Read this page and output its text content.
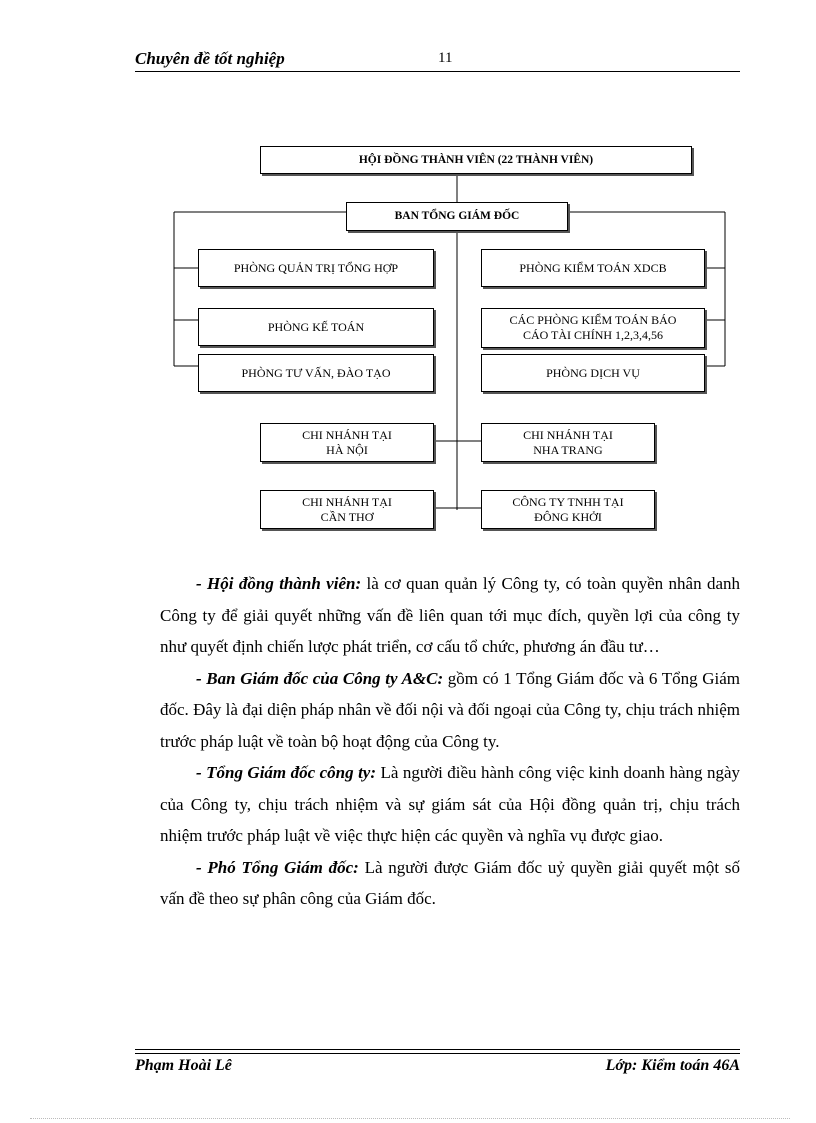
Chuyên đề tốt nghiệp	11
HỘI ĐỒNG THÀNH VIÊN (22 THÀNH VIÊN)
BAN TỔNG GIÁM ĐỐC
PHÒNG QUẢN TRỊ TỔNG HỢP
PHÒNG KẾ TOÁN
PHÒNG TƯ VẤN, ĐÀO TẠO
PHÒNG KIỂM TOÁN XDCB
CÁC PHÒNG KIỂM TOÁN BÁO
CÁO TÀI CHÍNH 1,2,3,4,56
PHÒNG DỊCH VỤ
CHI NHÁNH TẠI
HÀ NỘI
CHI NHÁNH TẠI
NHA TRANG
CHI NHÁNH TẠI
CẦN THƠ
CÔNG TY TNHH TẠI
ĐÔNG KHỞI

- Hội đồng thành viên: là cơ quan quản lý Công ty, có toàn quyền nhân danh Công ty để giải quyết những vấn đề liên quan tới mục đích, quyền lợi của công ty như quyết định chiến lược phát triển, cơ cấu tổ chức, phương án đầu tư…

- Ban Giám đốc của Công ty A&C: gồm có 1 Tổng Giám đốc và 6 Tổng Giám đốc. Đây là đại diện pháp nhân về đối nội và đối ngoại của Công ty, chịu trách nhiệm trước pháp luật về toàn bộ hoạt động của Công ty.

- Tổng Giám đốc công ty: Là người điều hành công việc kinh doanh hàng ngày của Công ty, chịu trách nhiệm và sự giám sát của Hội đồng quản trị, chịu trách nhiệm trước pháp luật về việc thực hiện các quyền và nghĩa vụ được giao.

- Phó Tổng Giám đốc: Là người được Giám đốc uỷ quyền giải quyết một số vấn đề theo sự phân công của Giám đốc.

Phạm Hoài Lê	Lớp: Kiểm toán 46A
